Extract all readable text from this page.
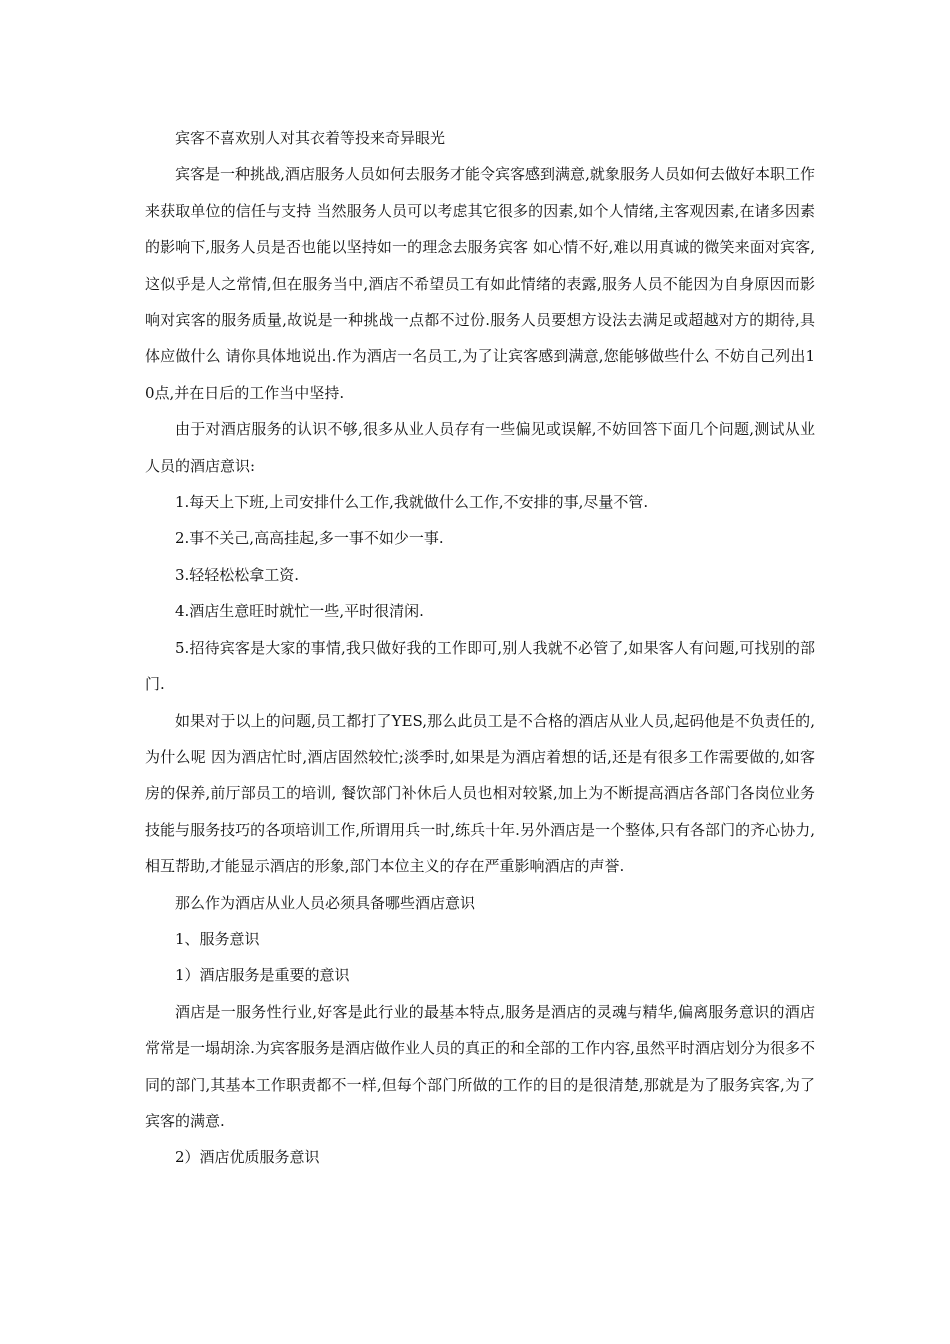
宾客不喜欢别人对其衣着等投来奇异眼光

宾客是一种挑战,酒店服务人员如何去服务才能令宾客感到满意,就象服务人员如何去做好本职工作来获取单位的信任与支持 当然服务人员可以考虑其它很多的因素,如个人情绪,主客观因素,在诸多因素的影响下,服务人员是否也能以坚持如一的理念去服务宾客 如心情不好,难以用真诚的微笑来面对宾客,这似乎是人之常情,但在服务当中,酒店不希望员工有如此情绪的表露,服务人员不能因为自身原因而影响对宾客的服务质量,故说是一种挑战一点都不过份.服务人员要想方设法去满足或超越对方的期待,具体应做什么 请你具体地说出.作为酒店一名员工,为了让宾客感到满意,您能够做些什么 不妨自己列出10点,并在日后的工作当中坚持.

由于对酒店服务的认识不够,很多从业人员存有一些偏见或误解,不妨回答下面几个问题,测试从业人员的酒店意识:

1.每天上下班,上司安排什么工作,我就做什么工作,不安排的事,尽量不管.

2.事不关己,高高挂起,多一事不如少一事.

3.轻轻松松拿工资.

4.酒店生意旺时就忙一些,平时很清闲.

5.招待宾客是大家的事情,我只做好我的工作即可,别人我就不必管了,如果客人有问题,可找别的部门.

如果对于以上的问题,员工都打了YES,那么此员工是不合格的酒店从业人员,起码他是不负责任的,为什么呢 因为酒店忙时,酒店固然较忙;淡季时,如果是为酒店着想的话,还是有很多工作需要做的,如客房的保养,前厅部员工的培训, 餐饮部门补休后人员也相对较紧,加上为不断提高酒店各部门各岗位业务技能与服务技巧的各项培训工作,所谓用兵一时,练兵十年.另外酒店是一个整体,只有各部门的齐心协力,相互帮助,才能显示酒店的形象,部门本位主义的存在严重影响酒店的声誉.

那么作为酒店从业人员必须具备哪些酒店意识

1、服务意识

1）酒店服务是重要的意识

酒店是一服务性行业,好客是此行业的最基本特点,服务是酒店的灵魂与精华,偏离服务意识的酒店常常是一塌胡涂.为宾客服务是酒店做作业人员的真正的和全部的工作内容,虽然平时酒店划分为很多不同的部门,其基本工作职责都不一样,但每个部门所做的工作的目的是很清楚,那就是为了服务宾客,为了宾客的满意.

2）酒店优质服务意识
